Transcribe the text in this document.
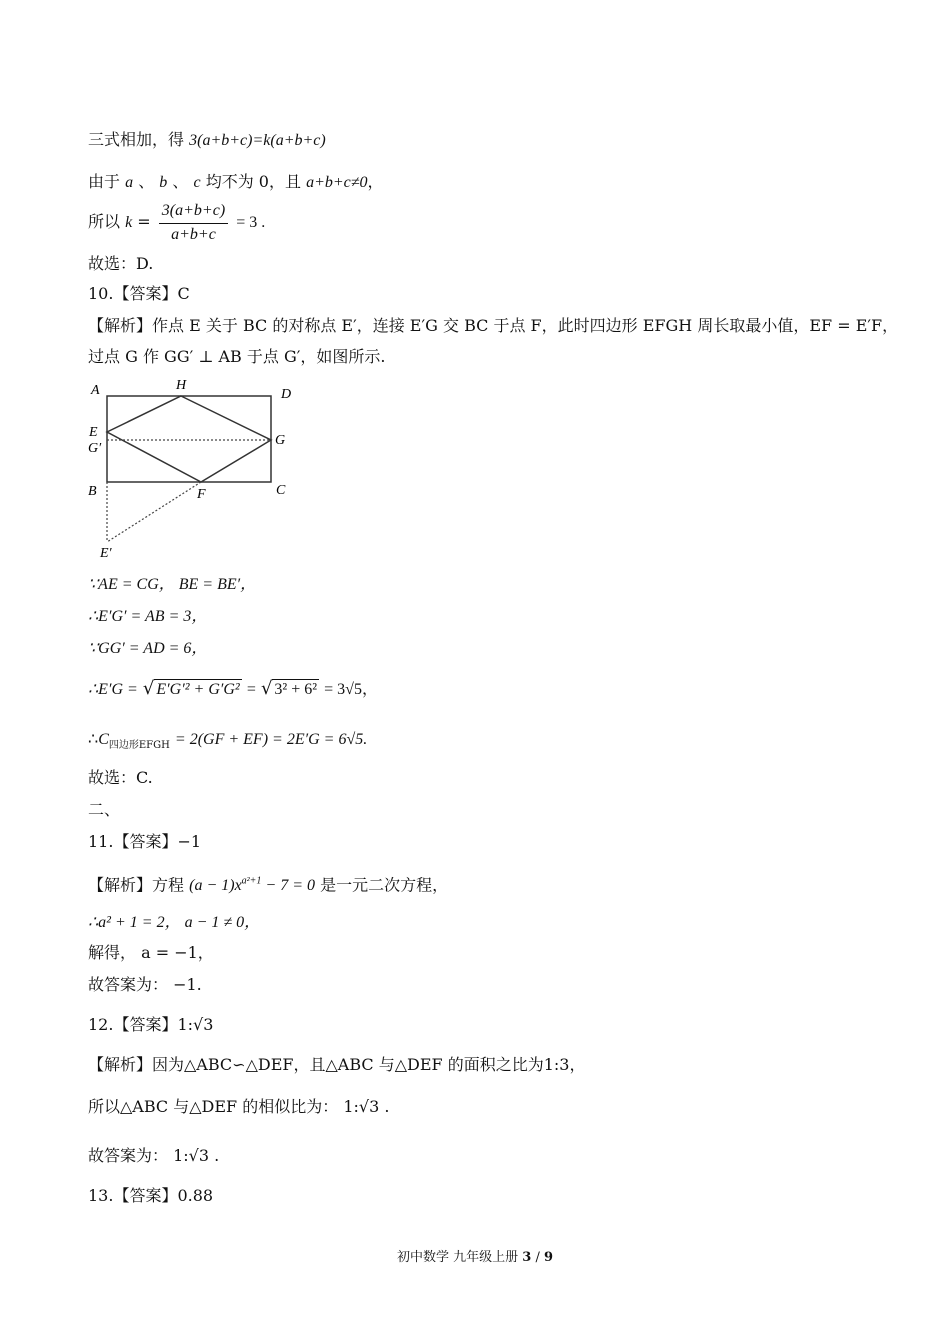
三式相加，得 3(a+b+c)=k(a+b+c)
由于 a 、 b 、 c 均不为 0，且 a+b+c≠0，
所以 $k = \frac{3(a+b+c)}{a+b+c} = 3$ .
故选：D.
10.【答案】C
【解析】作点 E 关于 BC 的对称点 E′，连接 E′G 交 BC 于点 F，此时四边形 EFGH 周长取最小值，EF = E′F，
过点 G 作 GG′ ⊥ AB 于点 G′，如图所示.
A	H
D
E
G′
G
B	F	C
E′
∵AE = CG， BE = BE′，
∴E′G′ = AB = 3，
∵GG′ = AD = 6，
∴E′G = √ E′G′² + G′G² = √ 3² + 6² = 3√5，
$\therefore C_{四边形EFGH} = 2(GF + EF) = 2E'G = 6√5$.
故选：C.
二、
11.【答案】−1
【解析】方程 $(a - 1)x^{a^2+1} - 7 = 0$ 是一元二次方程，
∴a² + 1 = 2， a − 1 ≠ 0，
解得， a = −1，
故答案为： −1.
12.【答案】1:√3
【解析】因为△ABC∽△DEF，且△ABC 与△DEF 的面积之比为1:3，
所以△ABC 与△DEF 的相似比为： 1:√3 .
故答案为： 1:√3 .
13.【答案】0.88
初中数学 九年级上册 3 / 9
